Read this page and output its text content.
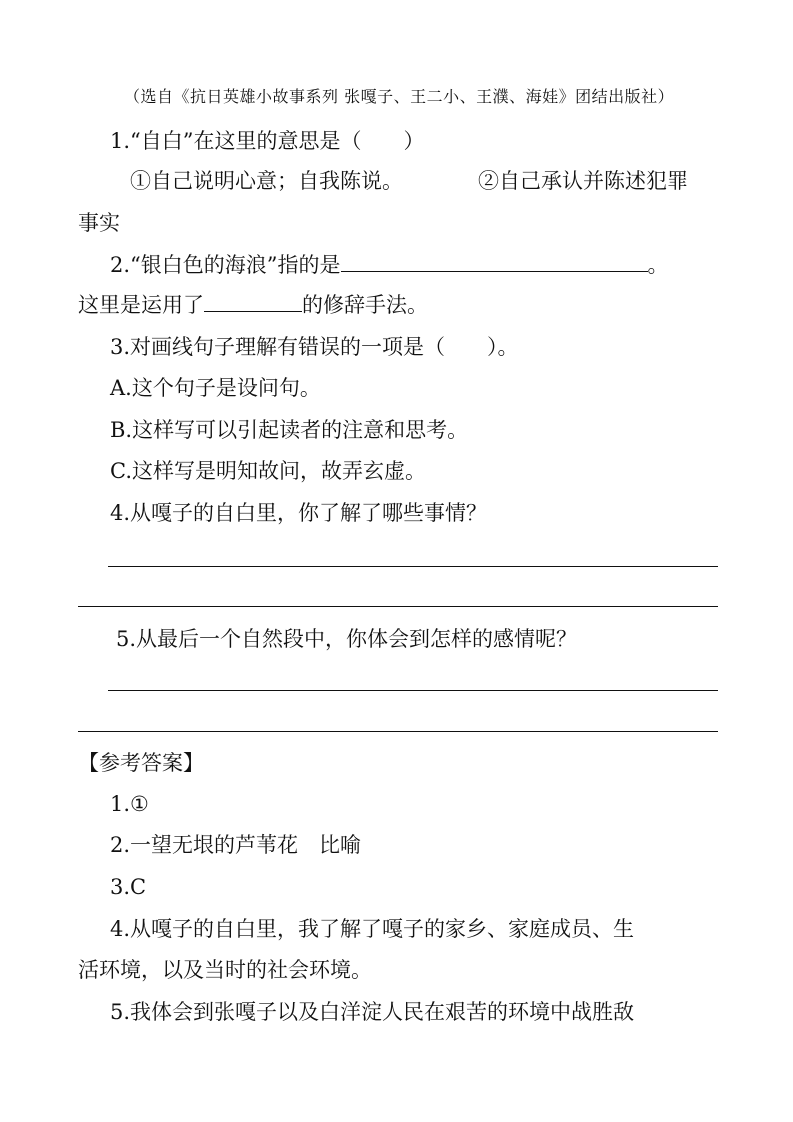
（选自《抗日英雄小故事系列 张嘎子、王二小、王濮、海娃》团结出版社）
1.“自白”在这里的意思是（　　）
①自己说明心意；自我陈说。	②自己承认并陈述犯罪
事实
2.“银白色的海浪”指的是	。
这里是运用了	的修辞手法。
3.对画线句子理解有错误的一项是（　　）。
A.这个句子是设问句。
B.这样写可以引起读者的注意和思考。
C.这样写是明知故问，故弄玄虚。
4.从嘎子的自白里，你了解了哪些事情？
5.从最后一个自然段中，你体会到怎样的感情呢？
【参考答案】
1.①
2.一望无垠的芦苇花　比喻
3.C
4.从嘎子的自白里，我了解了嘎子的家乡、家庭成员、生
活环境，以及当时的社会环境。
5.我体会到张嘎子以及白洋淀人民在艰苦的环境中战胜敌
